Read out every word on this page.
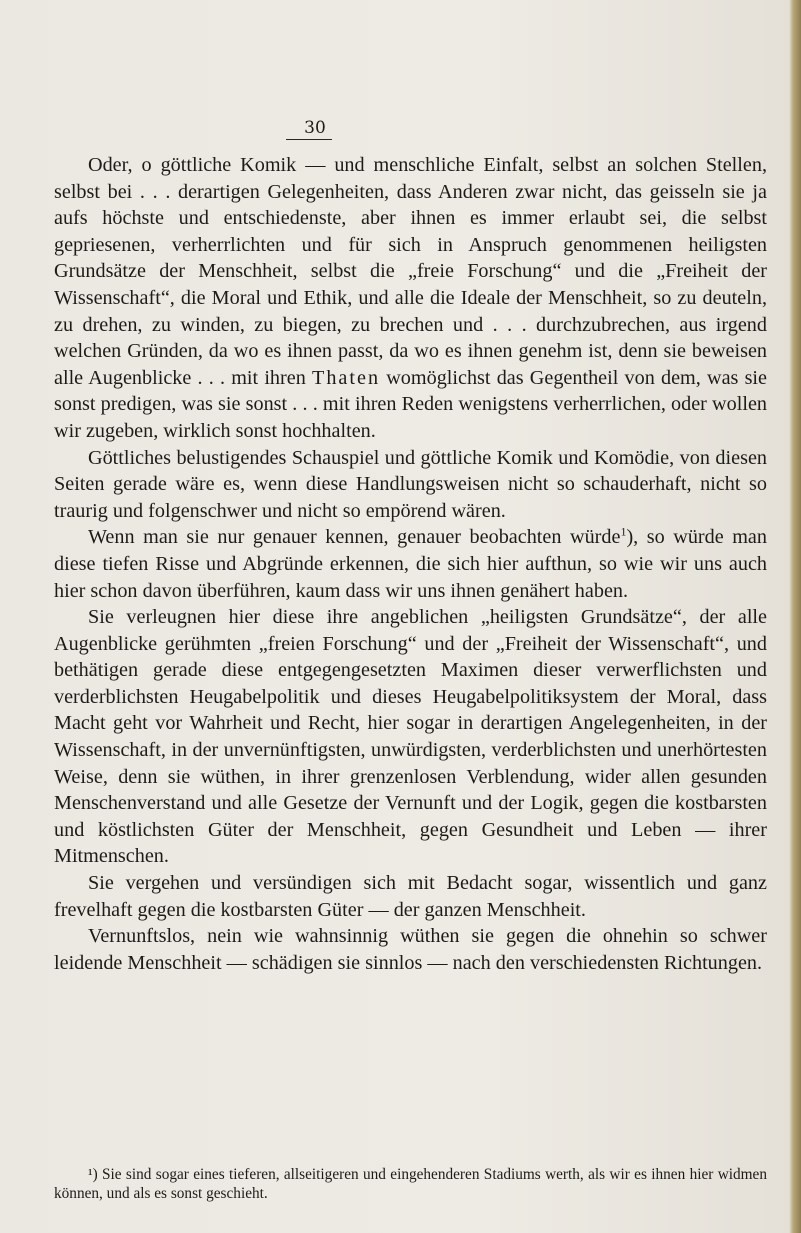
30

Oder, o göttliche Komik — und menschliche Einfalt, selbst an solchen Stellen, selbst bei . . . derartigen Gelegenheiten, dass Anderen zwar nicht, das geisseln sie ja aufs höchste und entschiedenste, aber ihnen es immer erlaubt sei, die selbst gepriesenen, verherrlichten und für sich in Anspruch genommenen heiligsten Grundsätze der Menschheit, selbst die „freie Forschung“ und die „Freiheit der Wissenschaft“, die Moral und Ethik, und alle die Ideale der Menschheit, so zu deuteln, zu drehen, zu winden, zu biegen, zu brechen und . . . durchzubrechen, aus irgend welchen Gründen, da wo es ihnen passt, da wo es ihnen genehm ist, denn sie beweisen alle Augenblicke . . . mit ihren Thaten womöglichst das Gegentheil von dem, was sie sonst predigen, was sie sonst . . . mit ihren Reden wenigstens verherrlichen, oder wollen wir zugeben, wirklich sonst hochhalten.

Göttliches belustigendes Schauspiel und göttliche Komik und Komödie, von diesen Seiten gerade wäre es, wenn diese Handlungsweisen nicht so schauderhaft, nicht so traurig und folgenschwer und nicht so empörend wären.

Wenn man sie nur genauer kennen, genauer beobachten würde$^1$), so würde man diese tiefen Risse und Abgründe erkennen, die sich hier aufthun, so wie wir uns auch hier schon davon überführen, kaum dass wir uns ihnen genähert haben.

Sie verleugnen hier diese ihre angeblichen „heiligsten Grundsätze“, der alle Augenblicke gerühmten „freien Forschung“ und der „Freiheit der Wissenschaft“, und bethätigen gerade diese entgegengesetzten Maximen dieser verwerflichsten und verderblichsten Heugabelpolitik und dieses Heugabelpolitiksystem der Moral, dass Macht geht vor Wahrheit und Recht, hier sogar in derartigen Angelegenheiten, in der Wissenschaft, in der unvernünftigsten, unwürdigsten, verderblichsten und unerhörtesten Weise, denn sie wüthen, in ihrer grenzenlosen Verblendung, wider allen gesunden Menschenverstand und alle Gesetze der Vernunft und der Logik, gegen die kostbarsten und köstlichsten Güter der Menschheit, gegen Gesundheit und Leben — ihrer Mitmenschen.

Sie vergehen und versündigen sich mit Bedacht sogar, wissentlich und ganz frevelhaft gegen die kostbarsten Güter — der ganzen Menschheit.

Vernunftslos, nein wie wahnsinnig wüthen sie gegen die ohnehin so schwer leidende Menschheit — schädigen sie sinnlos — nach den verschiedensten Richtungen.

¹) Sie sind sogar eines tieferen, allseitigeren und eingehenderen Stadiums werth, als wir es ihnen hier widmen können, und als es sonst geschieht.
